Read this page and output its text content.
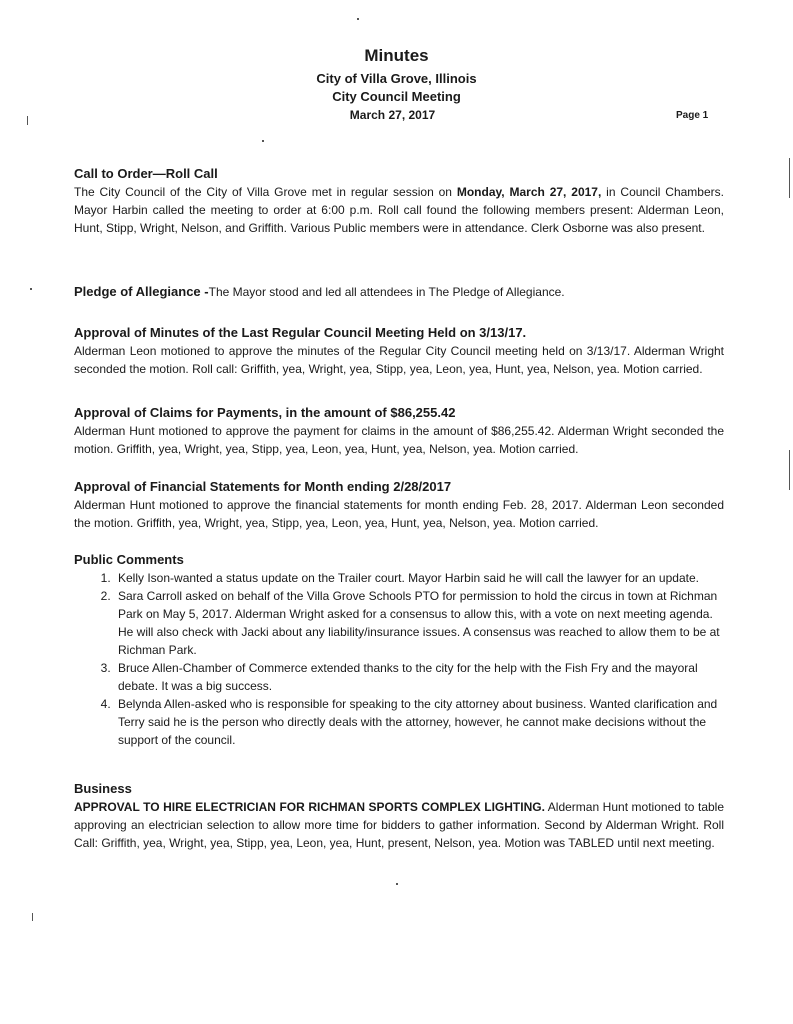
Minutes
City of Villa Grove, Illinois
City Council Meeting
March 27, 2017	Page 1
Call to Order—Roll Call
The City Council of the City of Villa Grove met in regular session on Monday, March 27, 2017, in Council Chambers. Mayor Harbin called the meeting to order at 6:00 p.m. Roll call found the following members present: Alderman Leon, Hunt, Stipp, Wright, Nelson, and Griffith. Various Public members were in attendance. Clerk Osborne was also present.
Pledge of Allegiance -The Mayor stood and led all attendees in The Pledge of Allegiance.
Approval of Minutes of the Last Regular Council Meeting Held on 3/13/17.
Alderman Leon motioned to approve the minutes of the Regular City Council meeting held on 3/13/17. Alderman Wright seconded the motion. Roll call: Griffith, yea, Wright, yea, Stipp, yea, Leon, yea, Hunt, yea, Nelson, yea. Motion carried.
Approval of Claims for Payments, in the amount of $86,255.42
Alderman Hunt motioned to approve the payment for claims in the amount of $86,255.42. Alderman Wright seconded the motion. Griffith, yea, Wright, yea, Stipp, yea, Leon, yea, Hunt, yea, Nelson, yea. Motion carried.
Approval of Financial Statements for Month ending 2/28/2017
Alderman Hunt motioned to approve the financial statements for month ending Feb. 28, 2017. Alderman Leon seconded the motion. Griffith, yea, Wright, yea, Stipp, yea, Leon, yea, Hunt, yea, Nelson, yea. Motion carried.
Public Comments
1. Kelly Ison-wanted a status update on the Trailer court. Mayor Harbin said he will call the lawyer for an update.
2. Sara Carroll asked on behalf of the Villa Grove Schools PTO for permission to hold the circus in town at Richman Park on May 5, 2017. Alderman Wright asked for a consensus to allow this, with a vote on next meeting agenda. He will also check with Jacki about any liability/insurance issues. A consensus was reached to allow them to be at Richman Park.
3. Bruce Allen-Chamber of Commerce extended thanks to the city for the help with the Fish Fry and the mayoral debate. It was a big success.
4. Belynda Allen-asked who is responsible for speaking to the city attorney about business. Wanted clarification and Terry said he is the person who directly deals with the attorney, however, he cannot make decisions without the support of the council.
Business
APPROVAL TO HIRE ELECTRICIAN FOR RICHMAN SPORTS COMPLEX LIGHTING. Alderman Hunt motioned to table approving an electrician selection to allow more time for bidders to gather information. Second by Alderman Wright. Roll Call: Griffith, yea, Wright, yea, Stipp, yea, Leon, yea, Hunt, present, Nelson, yea. Motion was TABLED until next meeting.
